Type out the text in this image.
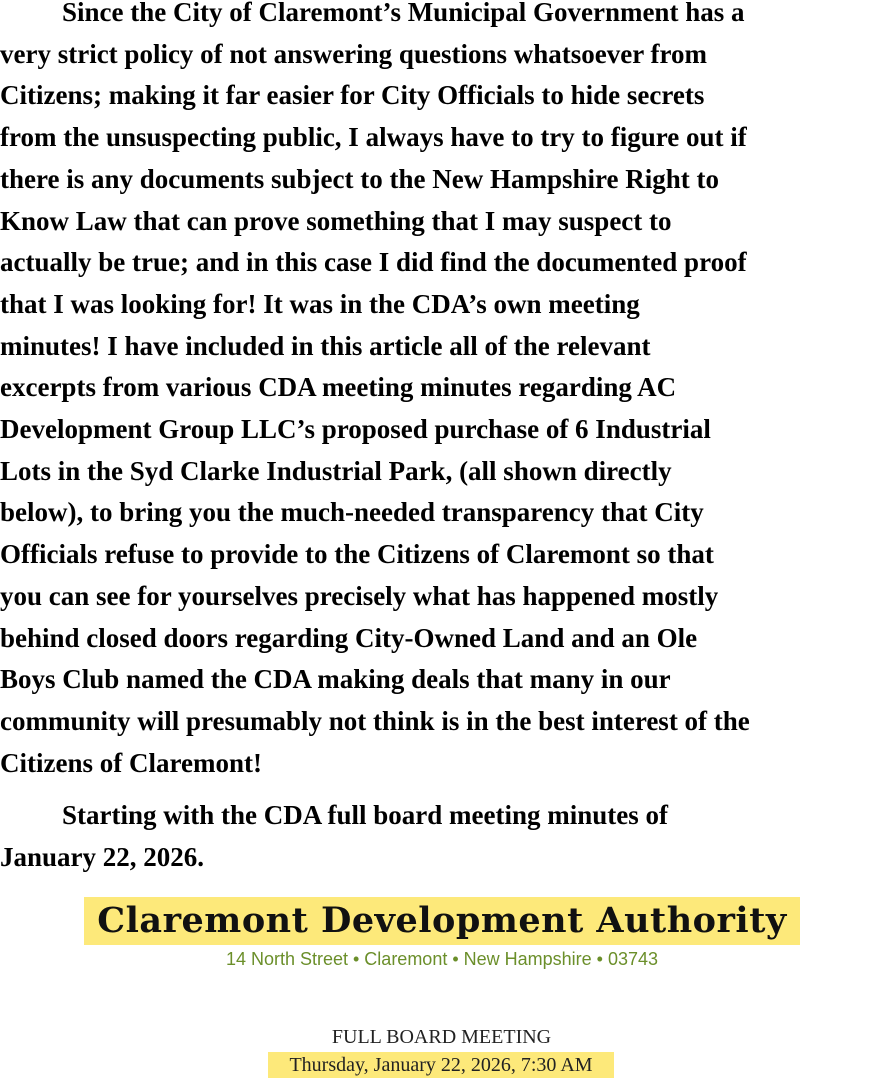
Since the City of Claremont’s Municipal Government has a
very strict policy of not answering questions whatsoever from
Citizens; making it far easier for City Officials to hide secrets
from the unsuspecting public, I always have to try to figure out if
there is any documents subject to the New Hampshire Right to
Know Law that can prove something that I may suspect to
actually be true; and in this case I did find the documented proof
that I was looking for! It was in the CDA’s own meeting
minutes! I have included in this article all of the relevant
excerpts from various CDA meeting minutes regarding AC
Development Group LLC’s proposed purchase of 6 Industrial
Lots in the Syd Clarke Industrial Park, (all shown directly
below), to bring you the much-needed transparency that City
Officials refuse to provide to the Citizens of Claremont so that
you can see for yourselves precisely what has happened mostly
behind closed doors regarding City-Owned Land and an Ole
Boys Club named the CDA making deals that many in our
community will presumably not think is in the best interest of the
Citizens of Claremont!

Starting with the CDA full board meeting minutes of
January 22, 2026.

Claremont Development Authority
14 North Street • Claremont • New Hampshire • 03743
FULL BOARD MEETING
Thursday, January 22, 2026, 7:30 AM
